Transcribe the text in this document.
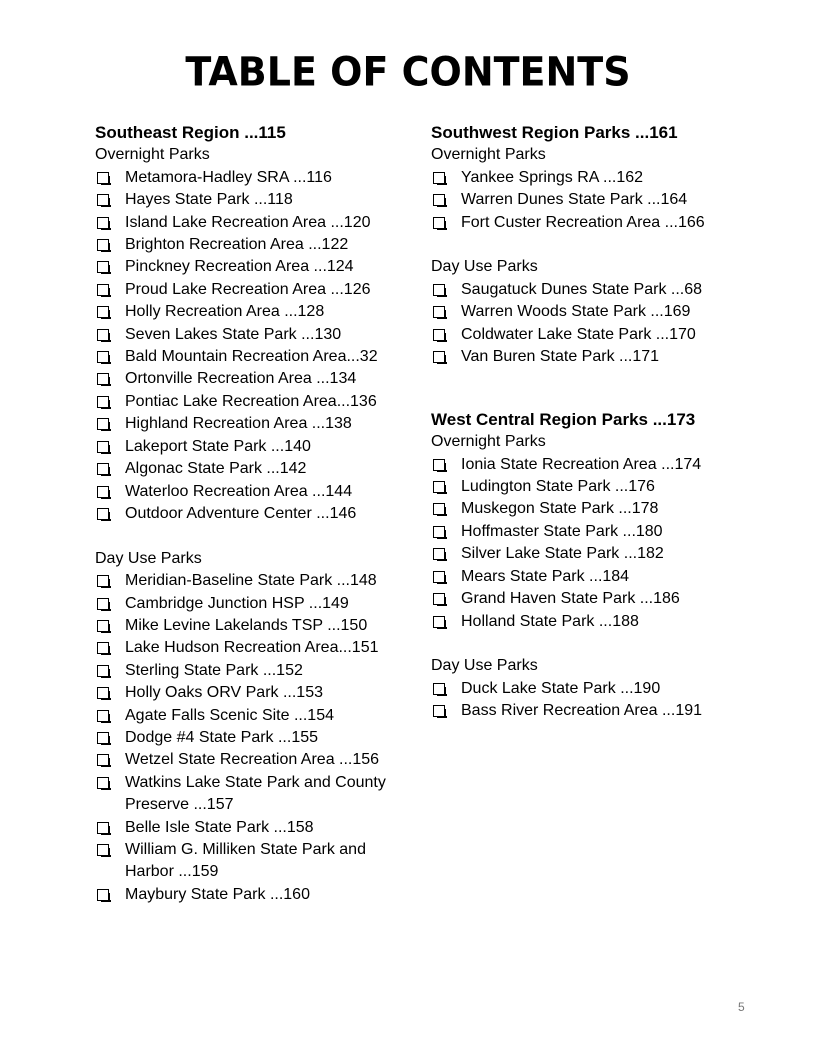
TABLE OF CONTENTS
Southeast Region ...115
Overnight Parks
Metamora-Hadley SRA ...116
Hayes State Park ...118
Island Lake Recreation Area ...120
Brighton Recreation Area ...122
Pinckney Recreation Area ...124
Proud Lake Recreation Area ...126
Holly Recreation Area ...128
Seven Lakes State Park ...130
Bald Mountain Recreation Area...32
Ortonville Recreation Area ...134
Pontiac Lake Recreation Area...136
Highland Recreation Area ...138
Lakeport State Park ...140
Algonac State Park ...142
Waterloo Recreation Area ...144
Outdoor Adventure Center ...146
Day Use Parks
Meridian-Baseline State Park ...148
Cambridge Junction HSP ...149
Mike Levine Lakelands TSP ...150
Lake Hudson Recreation Area...151
Sterling State Park ...152
Holly Oaks ORV Park ...153
Agate Falls Scenic Site ...154
Dodge #4 State Park ...155
Wetzel State Recreation Area ...156
Watkins Lake State Park and County
Preserve ...157
Belle Isle State Park ...158
William G. Milliken State Park and
Harbor ...159
Maybury State Park ...160
Southwest Region Parks ...161
Overnight Parks
Yankee Springs RA ...162
Warren Dunes State Park ...164
Fort Custer Recreation Area ...166
Day Use Parks
Saugatuck Dunes State Park ...68
Warren Woods State Park ...169
Coldwater Lake State Park ...170
Van Buren State Park ...171
West Central Region Parks ...173
Overnight Parks
Ionia State Recreation Area ...174
Ludington State Park ...176
Muskegon State Park ...178
Hoffmaster State Park ...180
Silver Lake State Park ...182
Mears State Park ...184
Grand Haven State Park ...186
Holland State Park ...188
Day Use Parks
Duck Lake State Park ...190
Bass River Recreation Area ...191
5
